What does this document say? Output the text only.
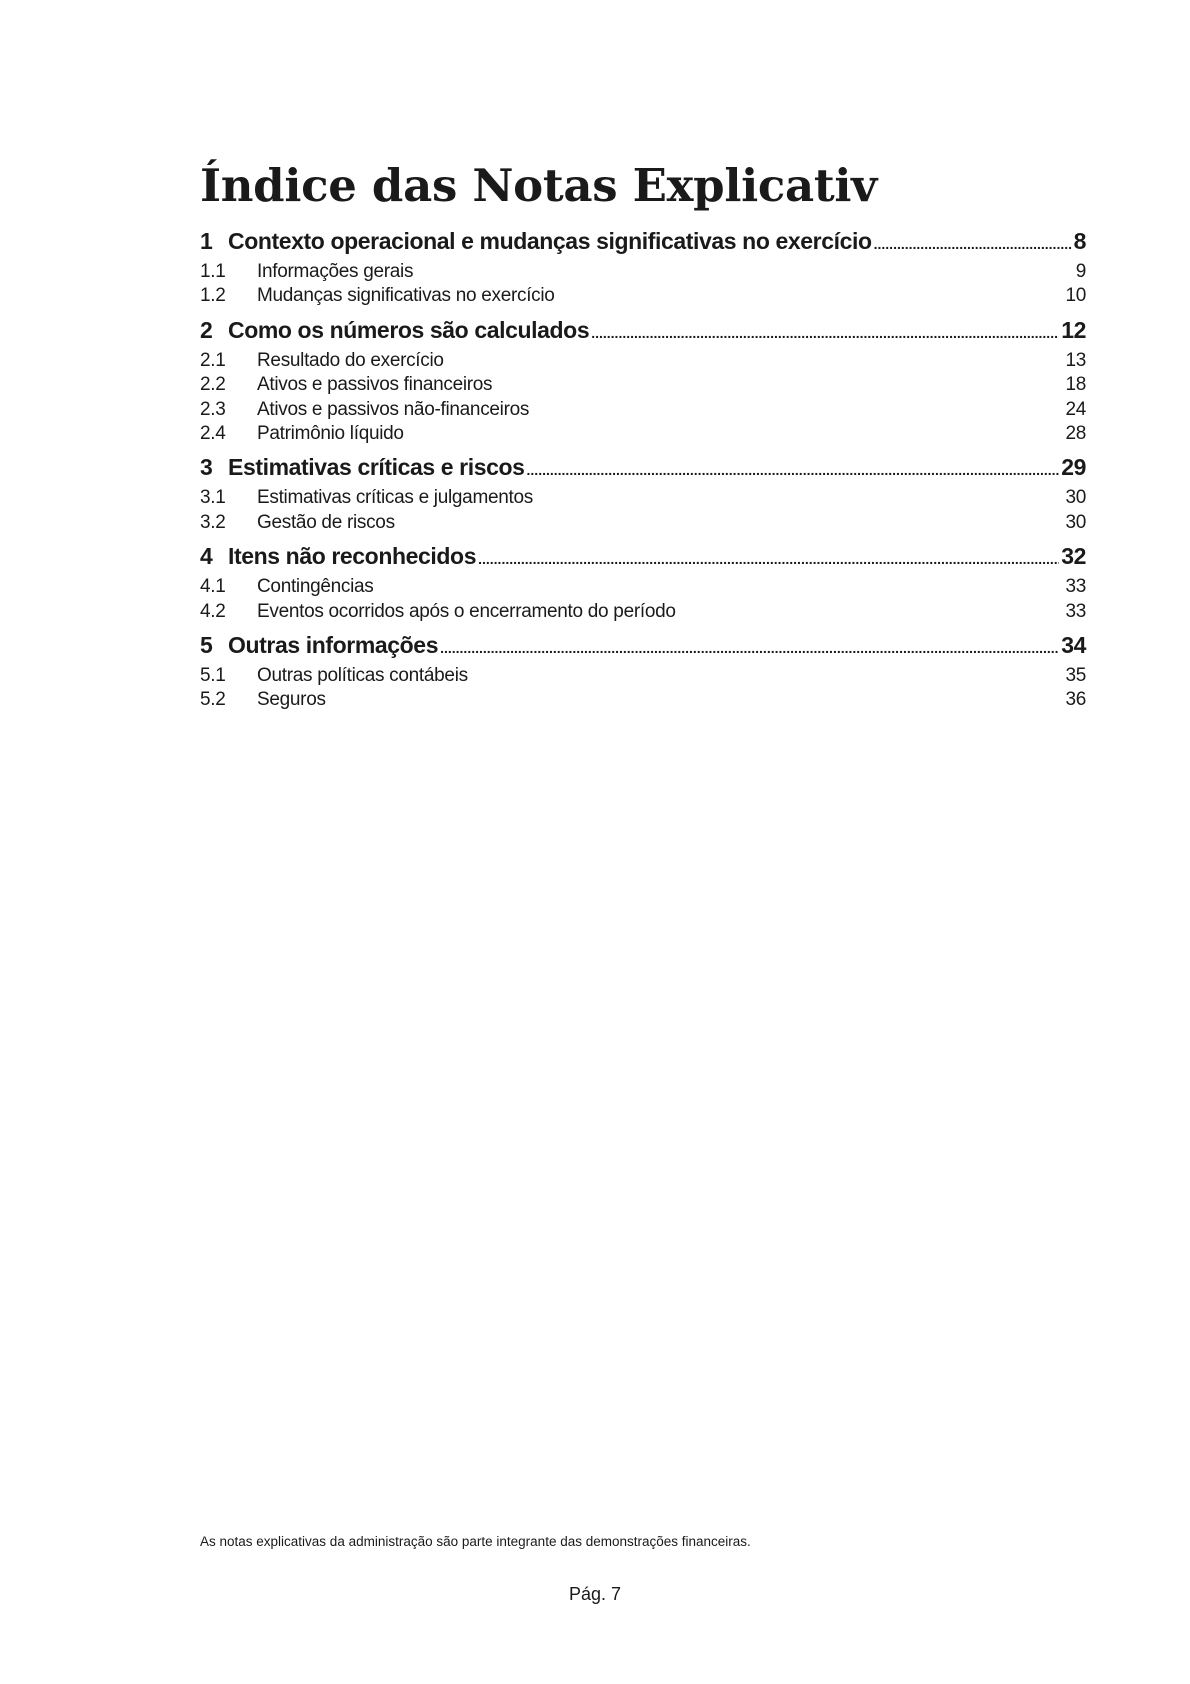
Índice das Notas Explicativ
1 Contexto operacional e mudanças significativas no exercício .....	8
1.1	Informações gerais	9
1.2	Mudanças significativas no exercício	10
2 Como os números são calculados .....	12
2.1	Resultado do exercício	13
2.2	Ativos e passivos financeiros	18
2.3	Ativos e passivos não-financeiros	24
2.4	Patrimônio líquido	28
3 Estimativas críticas e riscos .....	29
3.1	Estimativas críticas e julgamentos	30
3.2	Gestão de riscos	30
4 Itens não reconhecidos .....	32
4.1	Contingências	33
4.2	Eventos ocorridos após o encerramento do período	33
5 Outras informações .....	34
5.1	Outras políticas contábeis	35
5.2	Seguros	36
As notas explicativas da administração são parte integrante das demonstrações financeiras.
Pág. 7
